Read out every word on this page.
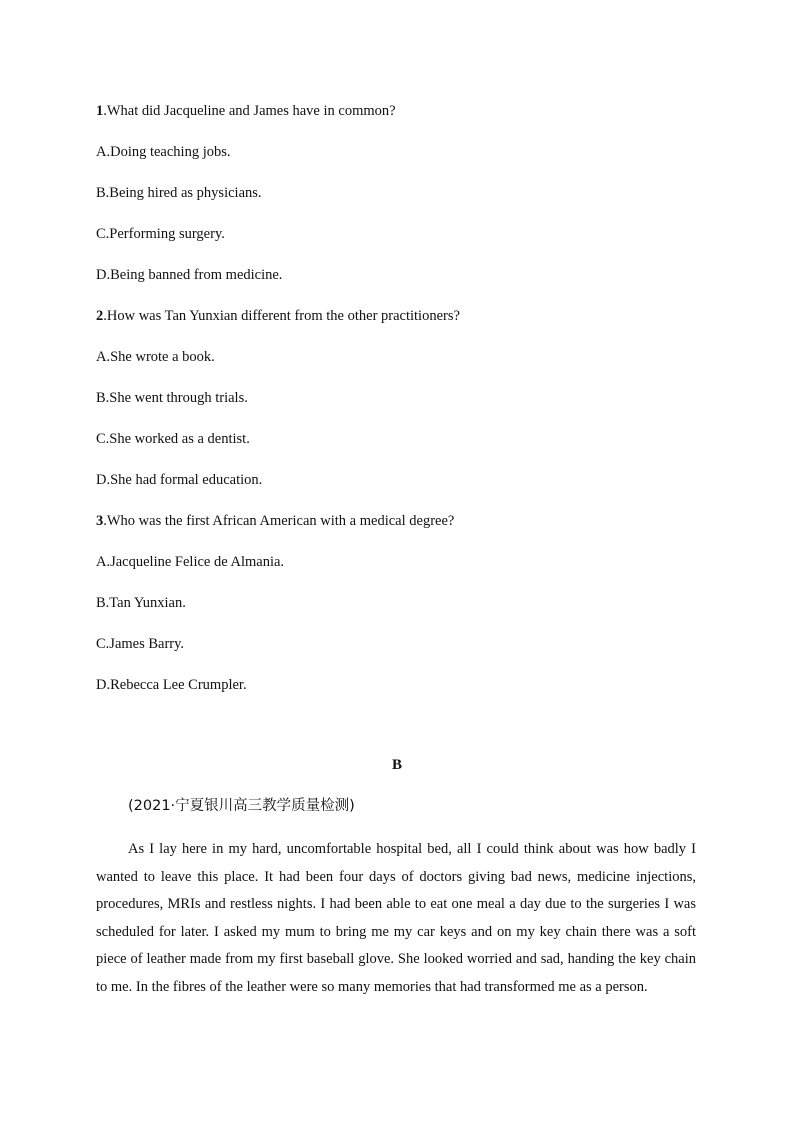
1.What did Jacqueline and James have in common?
A.Doing teaching jobs.
B.Being hired as physicians.
C.Performing surgery.
D.Being banned from medicine.
2.How was Tan Yunxian different from the other practitioners?
A.She wrote a book.
B.She went through trials.
C.She worked as a dentist.
D.She had formal education.
3.Who was the first African American with a medical degree?
A.Jacqueline Felice de Almania.
B.Tan Yunxian.
C.James Barry.
D.Rebecca Lee Crumpler.
B
(2021·宁夏银川高三教学质量检测)

As I lay here in my hard, uncomfortable hospital bed, all I could think about was how badly I wanted to leave this place. It had been four days of doctors giving bad news, medicine injections, procedures, MRIs and restless nights. I had been able to eat one meal a day due to the surgeries I was scheduled for later. I asked my mum to bring me my car keys and on my key chain there was a soft piece of leather made from my first baseball glove. She looked worried and sad, handing the key chain to me. In the fibres of the leather were so many memories that had transformed me as a person.
